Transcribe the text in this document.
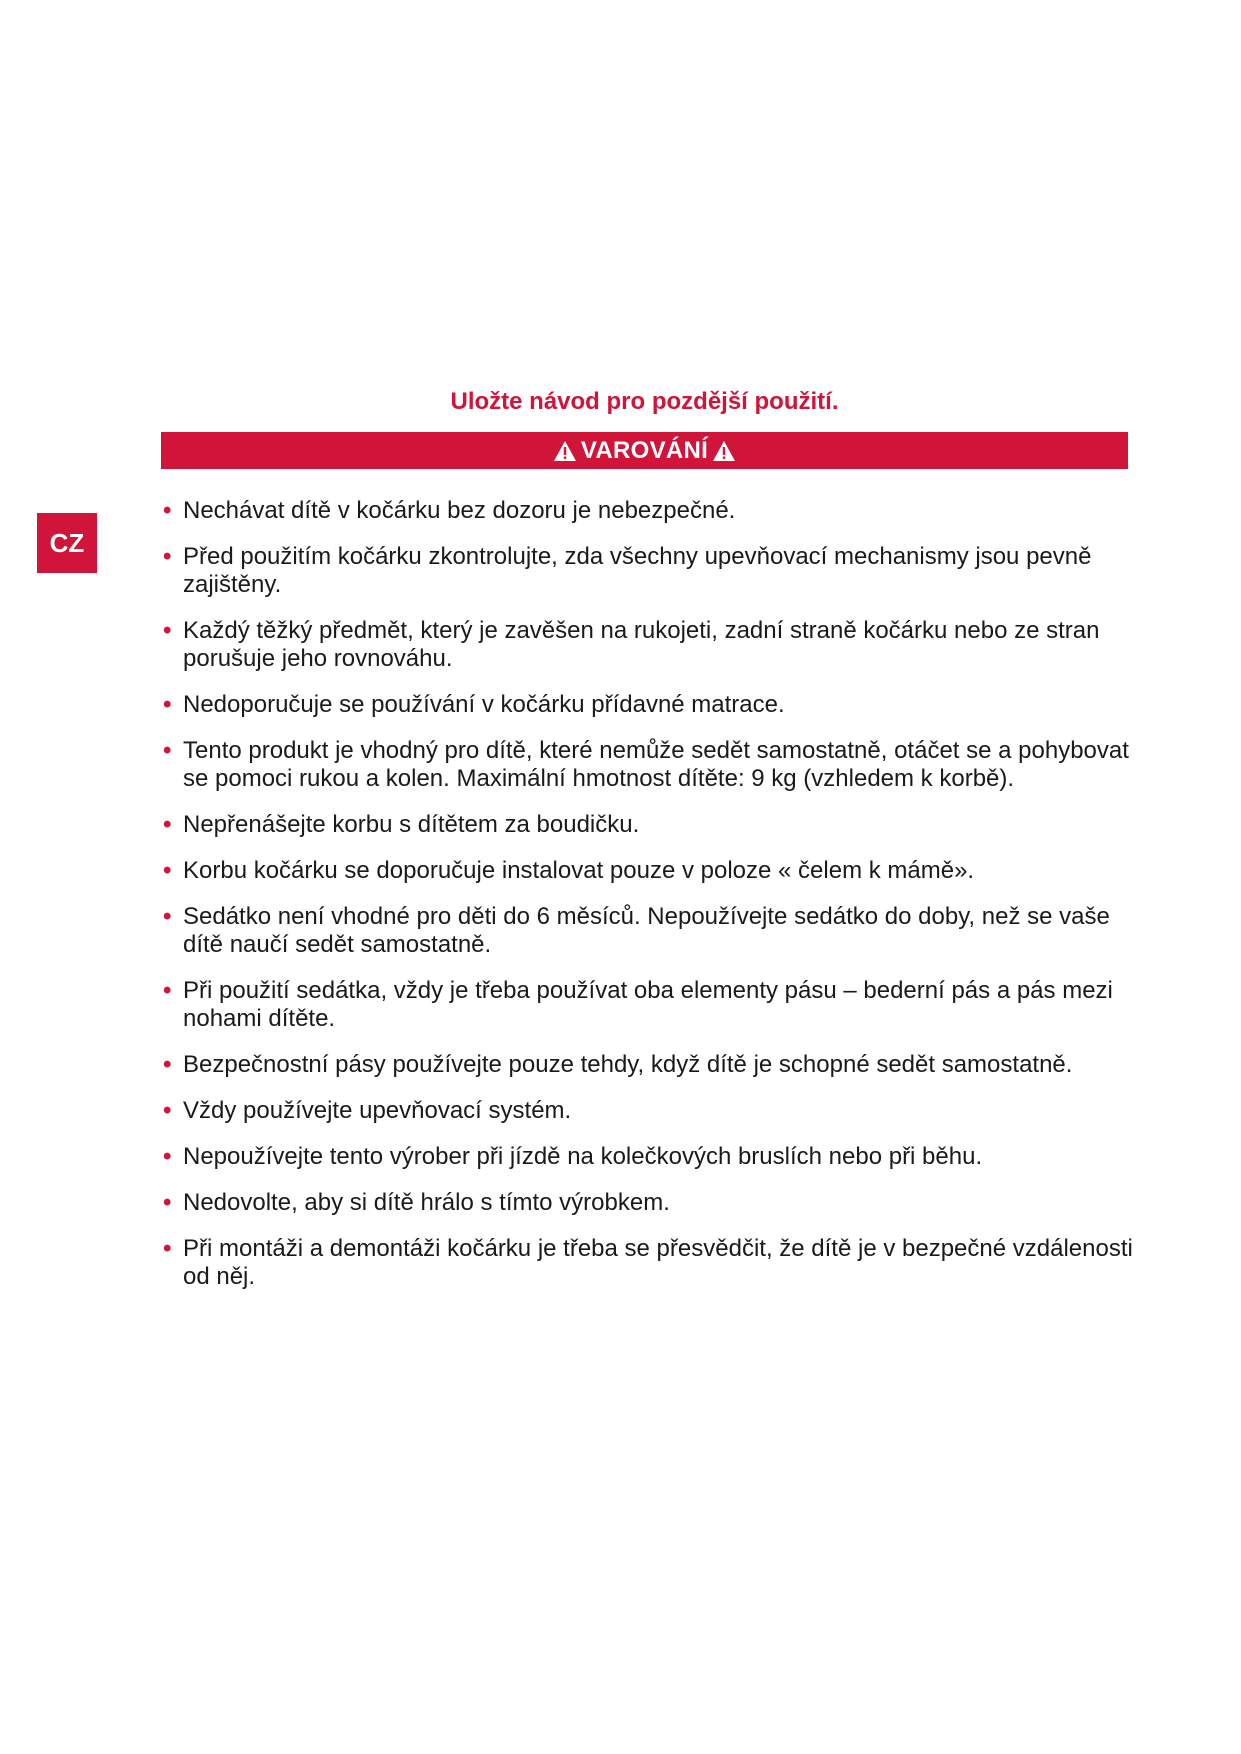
Uložte návod pro pozdější použití.
VAROVÁNÍ
CZ
• Nechávat dítě v kočárku bez dozoru je nebezpečné.
• Před použitím kočárku zkontrolujte, zda všechny upevňovací mechanismy jsou pevně zajištěny.
• Každý těžký předmět, který je zavěšen na rukojeti, zadní straně kočárku nebo ze stran porušuje jeho rovnováhu.
• Nedoporučuje se používání v kočárku přídavné matrace.
• Tento produkt je vhodný pro dítě, které nemůže sedět samostatně, otáčet se a pohybovat se pomoci rukou a kolen. Maximální hmotnost dítěte: 9 kg (vzhledem k korbě).
• Nepřenášejte korbu s dítětem za boudičku.
• Korbu kočárku se doporučuje instalovat pouze v poloze « čelem k mámě».
• Sedátko není vhodné pro děti do 6 měsíců. Nepoužívejte sedátko do doby, než se vaše dítě naučí sedět samostatně.
• Při použití sedátka, vždy je třeba používat oba elementy pásu – bederní pás a pás mezi nohami dítěte.
• Bezpečnostní pásy používejte pouze tehdy, když dítě je schopné sedět samostatně.
• Vždy používejte upevňovací systém.
• Nepoužívejte tento výrober při jízdě na kolečkových bruslích nebo při běhu.
• Nedovolte, aby si dítě hrálo s tímto výrobkem.
• Při montáži a demontáži kočárku je třeba se přesvědčit, že dítě je v bezpečné vzdálenosti od něj.
